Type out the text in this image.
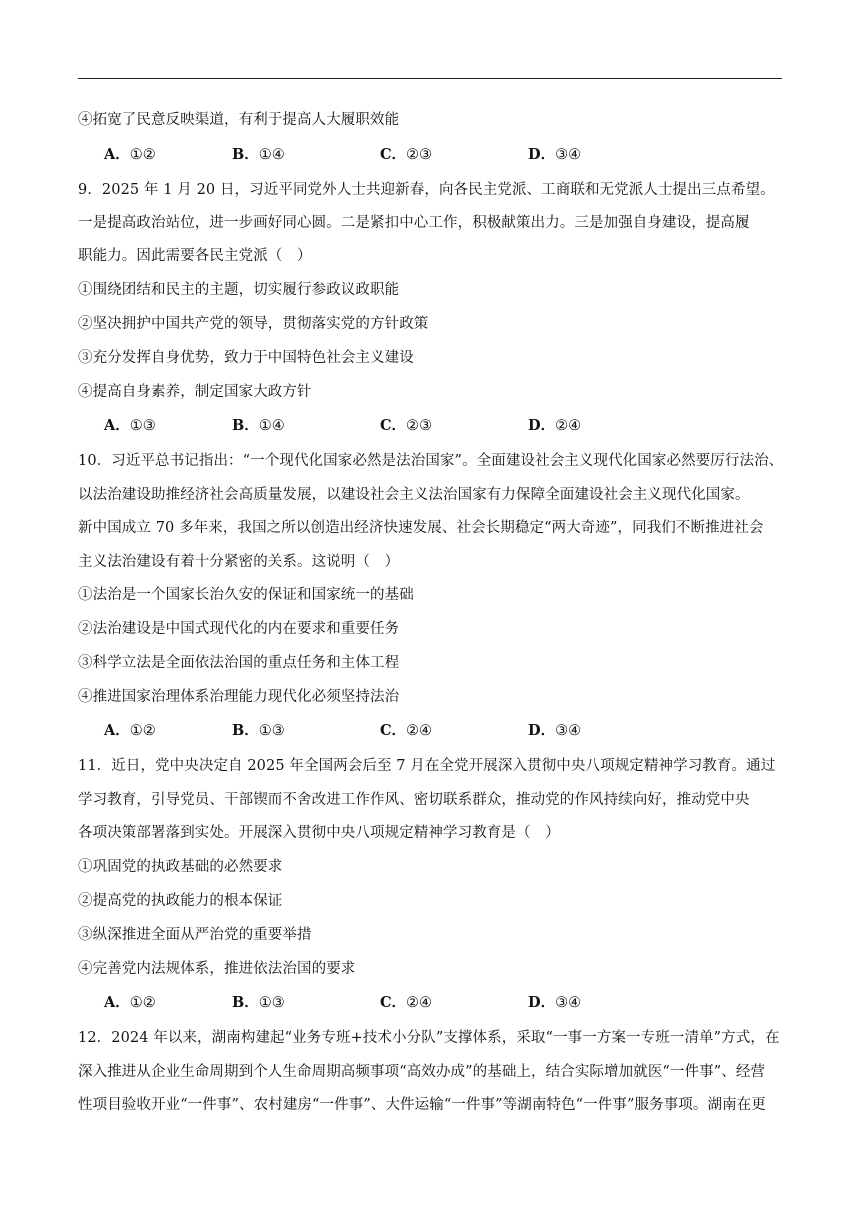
④拓宽了民意反映渠道，有利于提高人大履职效能
A．①②	B．①④	C．②③	D．③④
9．2025 年 1 月 20 日，习近平同党外人士共迎新春，向各民主党派、工商联和无党派人士提出三点希望。
一是提高政治站位，进一步画好同心圆。二是紧扣中心工作，积极献策出力。三是加强自身建设，提高履
职能力。因此需要各民主党派（　）
①围绕团结和民主的主题，切实履行参政议政职能
②坚决拥护中国共产党的领导，贯彻落实党的方针政策
③充分发挥自身优势，致力于中国特色社会主义建设
④提高自身素养，制定国家大政方针
A．①③	B．①④	C．②③	D．②④
10．习近平总书记指出：“一个现代化国家必然是法治国家”。全面建设社会主义现代化国家必然要厉行法治、
以法治建设助推经济社会高质量发展，以建设社会主义法治国家有力保障全面建设社会主义现代化国家。
新中国成立 70 多年来，我国之所以创造出经济快速发展、社会长期稳定“两大奇迹”，同我们不断推进社会
主义法治建设有着十分紧密的关系。这说明（　）
①法治是一个国家长治久安的保证和国家统一的基础
②法治建设是中国式现代化的内在要求和重要任务
③科学立法是全面依法治国的重点任务和主体工程
④推进国家治理体系治理能力现代化必须坚持法治
A．①②	B．①③	C．②④	D．③④
11．近日，党中央决定自 2025 年全国两会后至 7 月在全党开展深入贯彻中央八项规定精神学习教育。通过
学习教育，引导党员、干部锲而不舍改进工作作风、密切联系群众，推动党的作风持续向好，推动党中央
各项决策部署落到实处。开展深入贯彻中央八项规定精神学习教育是（　）
①巩固党的执政基础的必然要求
②提高党的执政能力的根本保证
③纵深推进全面从严治党的重要举措
④完善党内法规体系，推进依法治国的要求
A．①②	B．①③	C．②④	D．③④
12．2024 年以来，湖南构建起“业务专班+技术小分队”支撑体系，采取“一事一方案一专班一清单”方式，在
深入推进从企业生命周期到个人生命周期高频事项“高效办成”的基础上，结合实际增加就医“一件事”、经营
性项目验收开业“一件事”、农村建房“一件事”、大件运输“一件事”等湖南特色“一件事”服务事项。湖南在更
